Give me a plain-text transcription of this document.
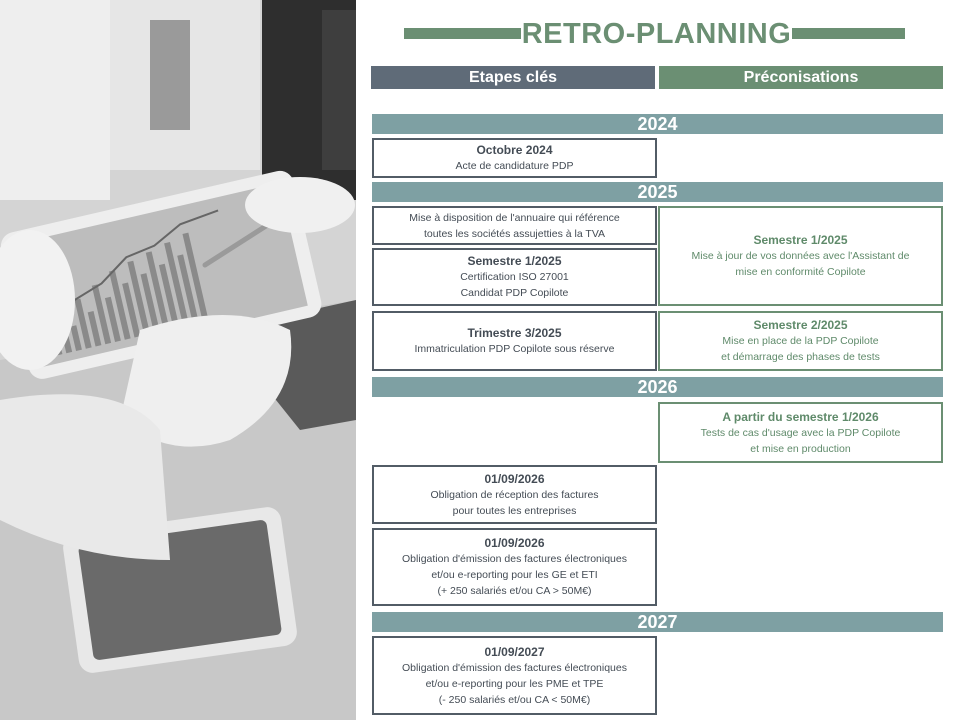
RETRO-PLANNING
Etapes clés	Préconisations
2024
Octobre 2024
Acte de candidature PDP
2025
Mise à disposition de l'annuaire qui référence
toutes les sociétés assujetties à la TVA	Semestre 1/2025
Mise à jour de vos données avec l'Assistant de
mise en conformité Copilote
Semestre 1/2025
Certification ISO 27001
Candidat PDP Copilote
Trimestre 3/2025
Immatriculation PDP Copilote sous réserve
Semestre 2/2025
Mise en place de la PDP Copilote
et démarrage des phases de tests
2026
A partir du semestre 1/2026
Tests de cas d'usage avec la PDP Copilote
et mise en production
01/09/2026
Obligation de réception des factures
pour toutes les entreprises
01/09/2026
Obligation d'émission des factures électroniques
et/ou e-reporting pour les GE et ETI
(+ 250 salariés et/ou CA > 50M€)
2027
01/09/2027
Obligation d'émission des factures électroniques
et/ou e-reporting pour les PME et TPE
(- 250 salariés et/ou CA < 50M€)
